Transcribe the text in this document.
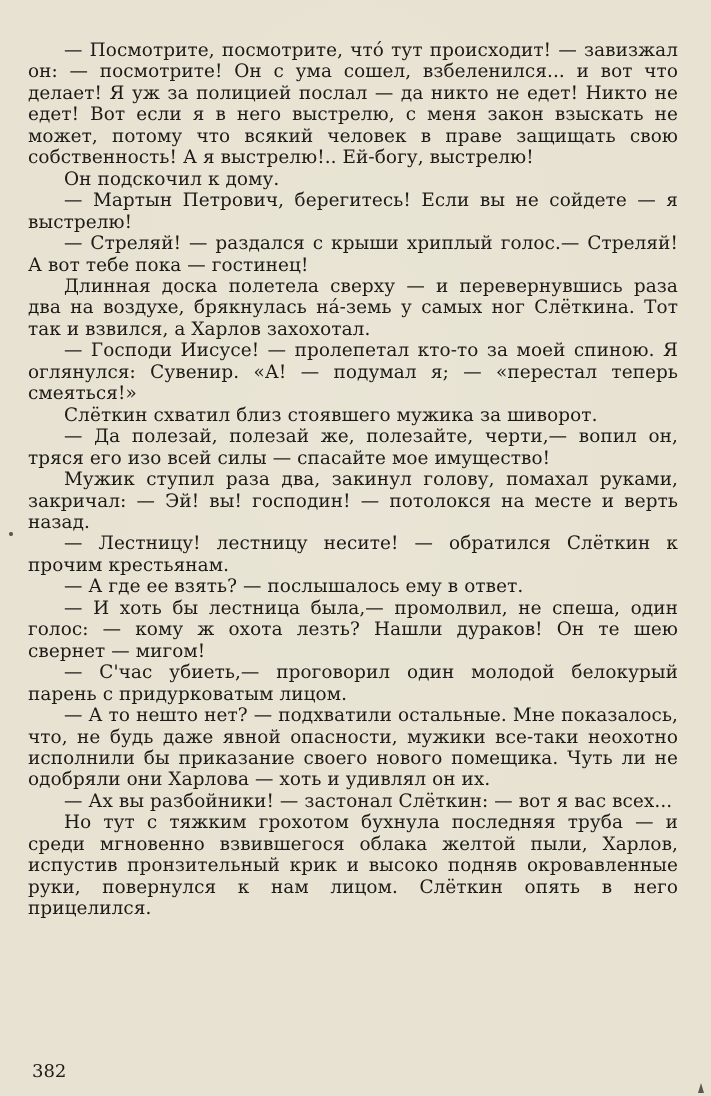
— Посмотрите, посмотрите, что́ тут происходит! — завизжал он: — посмотрите! Он с ума сошел, взбеленился... и вот что делает! Я уж за полицией послал — да никто не едет! Никто не едет! Вот если я в него выстрелю, с меня закон взыскать не может, потому что всякий человек в праве защищать свою собственность! А я выстрелю!.. Ей-богу, выстрелю!

Он подскочил к дому.

— Мартын Петрович, берегитесь! Если вы не сойдете — я выстрелю!

— Стреляй! — раздался с крыши хриплый голос.— Стреляй! А вот тебе пока — гостинец!

Длинная доска полетела сверху — и перевернувшись раза два на воздухе, брякнулась на́-земь у самых ног Слёткина. Тот так и взвился, а Харлов захохотал.

— Господи Иисусе! — пролепетал кто-то за моей спиною. Я оглянулся: Сувенир. «А! — подумал я; — «перестал теперь смеяться!»

Слёткин схватил близ стоявшего мужика за шиворот.

— Да полезай, полезай же, полезайте, черти,— вопил он, тряся его изо всей силы — спасайте мое имущество!

Мужик ступил раза два, закинул голову, помахал руками, закричал: — Эй! вы! господин! — потолокся на месте и верть назад.

— Лестницу! лестницу несите! — обратился Слёткин к прочим крестьянам.

— А где ее взять? — послышалось ему в ответ.

— И хоть бы лестница была,— промолвил, не спеша, один голос: — кому ж охота лезть? Нашли дураков! Он те шею свернет — мигом!

— С'час убиеть,— проговорил один молодой белокурый парень с придурковатым лицом.

— А то нешто нет? — подхватили остальные. Мне показалось, что, не будь даже явной опасности, мужики все-таки неохотно исполнили бы приказание своего нового помещика. Чуть ли не одобряли они Харлова — хоть и удивлял он их.

— Ах вы разбойники! — застонал Слёткин: — вот я вас всех...

Но тут с тяжким грохотом бухнула последняя труба — и среди мгновенно взвившегося облака желтой пыли, Харлов, испустив пронзительный крик и высоко подняв окровавленные руки, повернулся к нам лицом. Слёткин опять в него прицелился.

382
